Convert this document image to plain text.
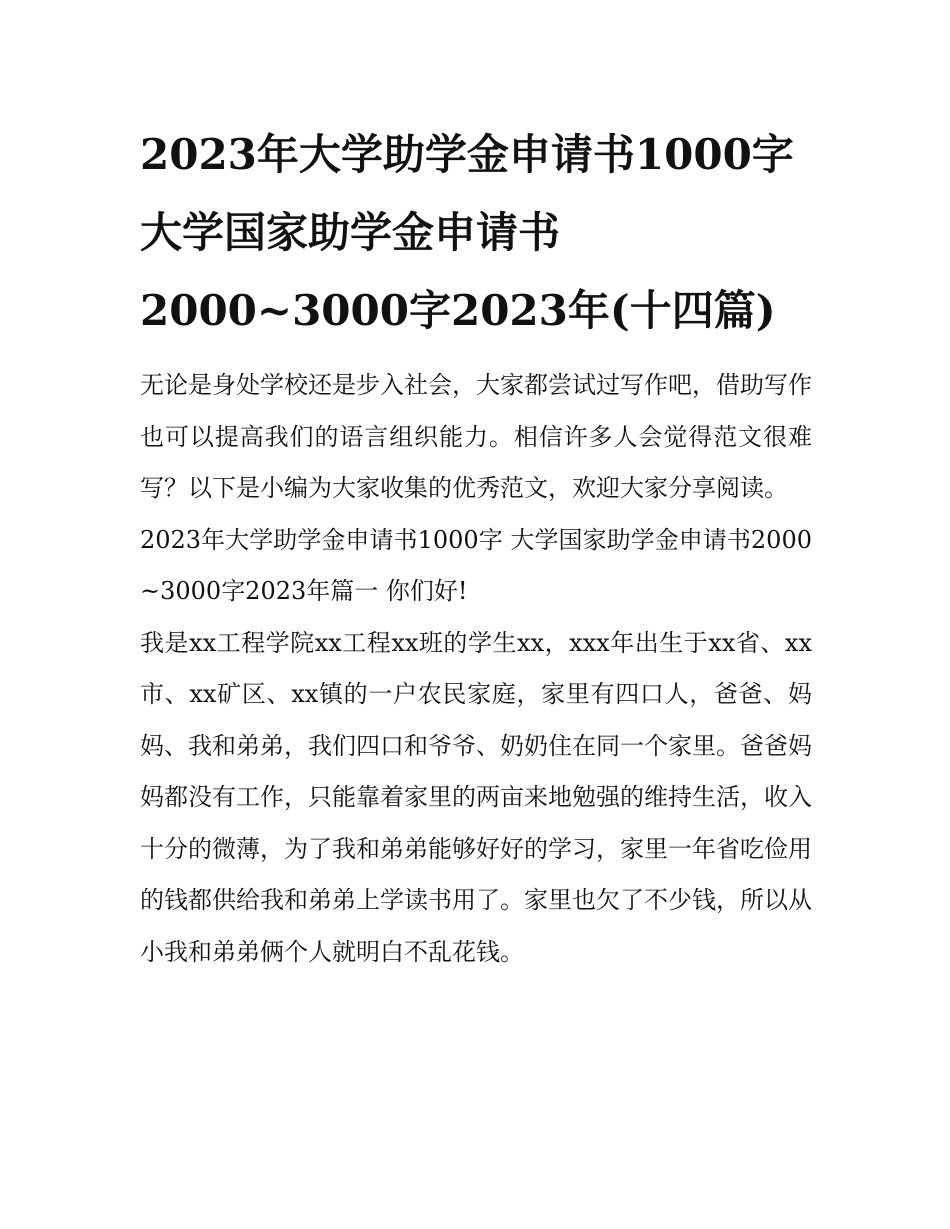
2023年大学助学金申请书1000字 大学国家助学金申请书2000~3000字2023年(十四篇)

无论是身处学校还是步入社会，大家都尝试过写作吧，借助写作也可以提高我们的语言组织能力。相信许多人会觉得范文很难写？以下是小编为大家收集的优秀范文，欢迎大家分享阅读。

2023年大学助学金申请书1000字 大学国家助学金申请书2000~3000字2023年篇一 你们好!

我是xx工程学院xx工程xx班的学生xx，xxx年出生于xx省、xx市、xx矿区、xx镇的一户农民家庭，家里有四口人，爸爸、妈妈、我和弟弟，我们四口和爷爷、奶奶住在同一个家里。爸爸妈妈都没有工作，只能靠着家里的两亩来地勉强的维持生活，收入十分的微薄，为了我和弟弟能够好好的学习，家里一年省吃俭用的钱都供给我和弟弟上学读书用了。家里也欠了不少钱，所以从小我和弟弟俩个人就明白不乱花钱。
